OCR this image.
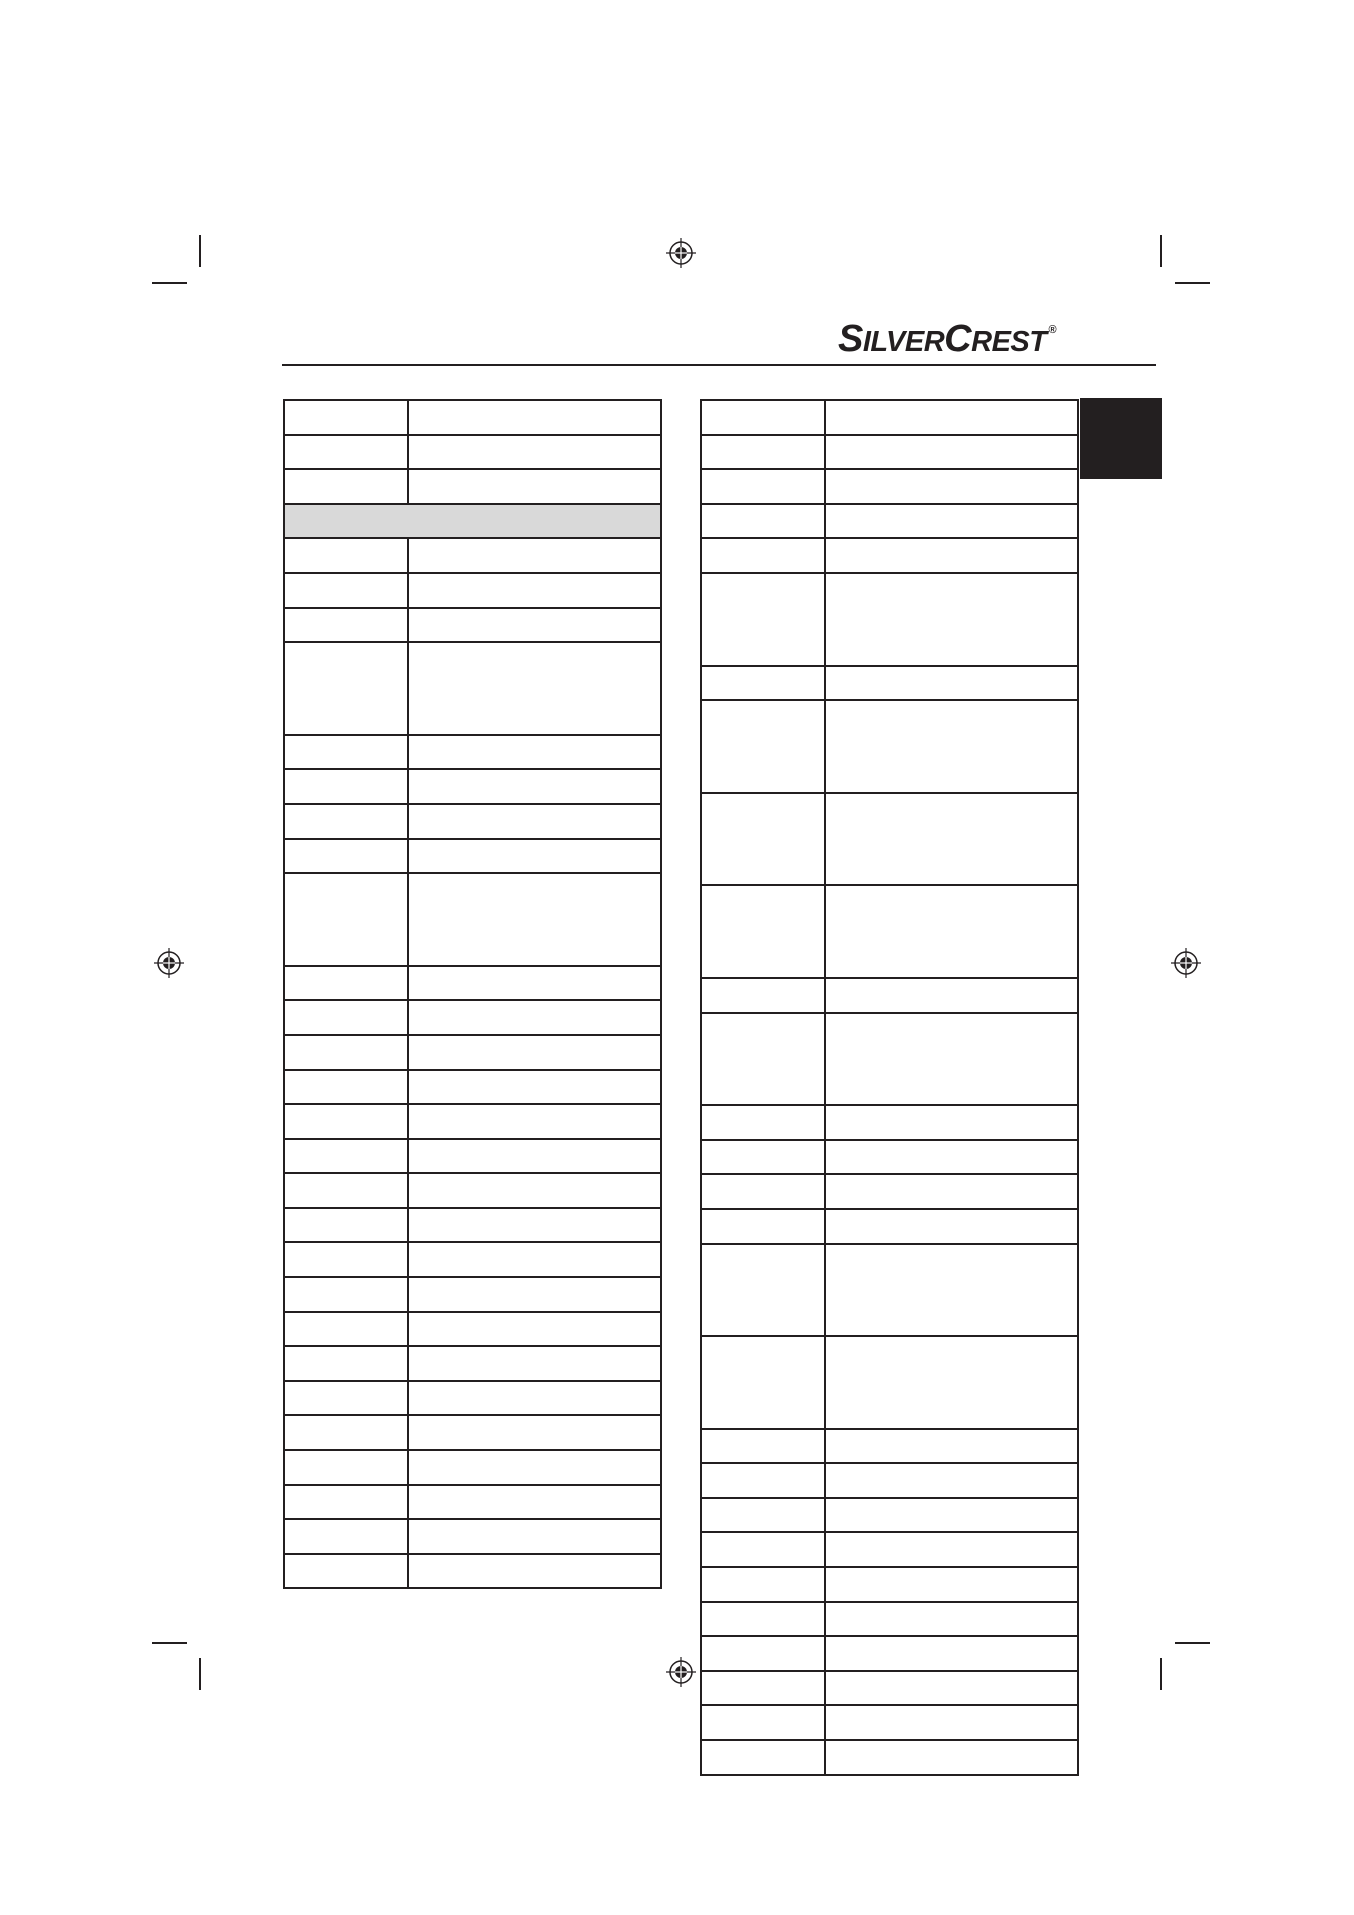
SILVERCREST ®
